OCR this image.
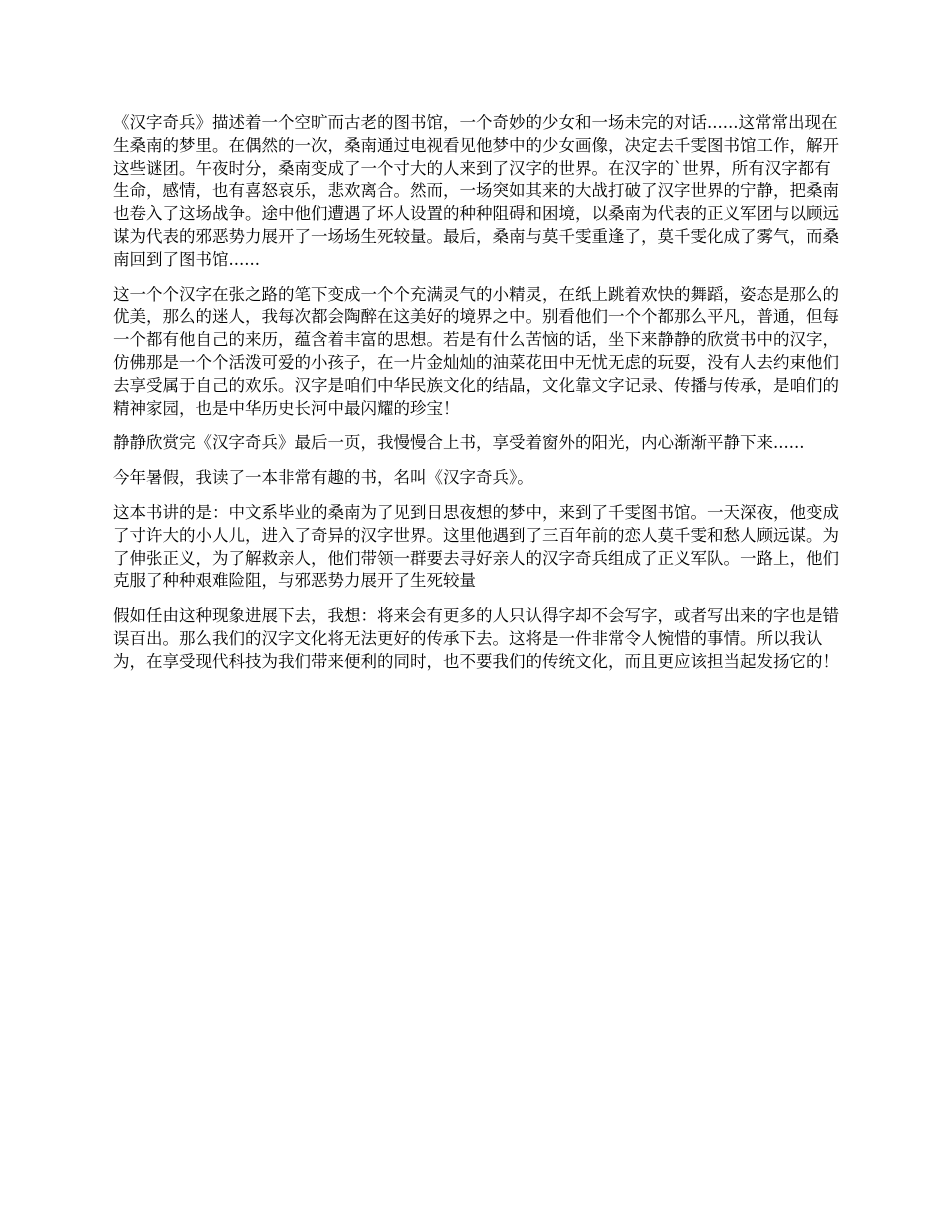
《汉字奇兵》描述着一个空旷而古老的图书馆，一个奇妙的少女和一场未完的对话......这常常出现在生桑南的梦里。在偶然的一次，桑南通过电视看见他梦中的少女画像，决定去千雯图书馆工作，解开这些谜团。午夜时分，桑南变成了一个寸大的人来到了汉字的世界。在汉字的`世界，所有汉字都有生命，感情，也有喜怒哀乐，悲欢离合。然而，一场突如其来的大战打破了汉字世界的宁静，把桑南也卷入了这场战争。途中他们遭遇了坏人设置的种种阻碍和困境，以桑南为代表的正义军团与以顾远谋为代表的邪恶势力展开了一场场生死较量。最后，桑南与莫千雯重逢了，莫千雯化成了雾气，而桑南回到了图书馆......

这一个个汉字在张之路的笔下变成一个个充满灵气的小精灵，在纸上跳着欢快的舞蹈，姿态是那么的优美，那么的迷人，我每次都会陶醉在这美好的境界之中。别看他们一个个都那么平凡，普通，但每一个都有他自己的来历，蕴含着丰富的思想。若是有什么苦恼的话，坐下来静静的欣赏书中的汉字，仿佛那是一个个活泼可爱的小孩子，在一片金灿灿的油菜花田中无忧无虑的玩耍，没有人去约束他们去享受属于自己的欢乐。汉字是咱们中华民族文化的结晶，文化靠文字记录、传播与传承，是咱们的精神家园，也是中华历史长河中最闪耀的珍宝！

静静欣赏完《汉字奇兵》最后一页，我慢慢合上书，享受着窗外的阳光，内心渐渐平静下来......

今年暑假，我读了一本非常有趣的书，名叫《汉字奇兵》。

这本书讲的是：中文系毕业的桑南为了见到日思夜想的梦中，来到了千雯图书馆。一天深夜，他变成了寸许大的小人儿，进入了奇异的汉字世界。这里他遇到了三百年前的恋人莫千雯和愁人顾远谋。为了伸张正义，为了解救亲人，他们带领一群要去寻好亲人的汉字奇兵组成了正义军队。一路上，他们克服了种种艰难险阻，与邪恶势力展开了生死较量

假如任由这种现象进展下去，我想：将来会有更多的人只认得字却不会写字，或者写出来的字也是错误百出。那么我们的汉字文化将无法更好的传承下去。这将是一件非常令人惋惜的事情。所以我认为，在享受现代科技为我们带来便利的同时，也不要我们的传统文化，而且更应该担当起发扬它的！
